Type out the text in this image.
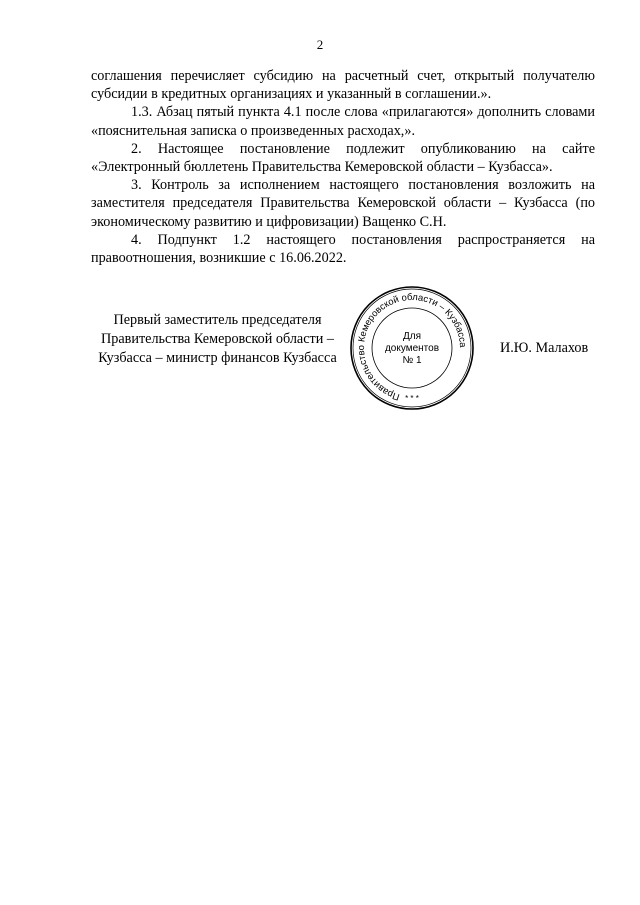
2

соглашения перечисляет субсидию на расчетный счет, открытый получателю субсидии в кредитных организациях и указанный в соглашении.».

1.3. Абзац пятый пункта 4.1 после слова «прилагаются» дополнить словами «пояснительная записка о произведенных расходах,».

2. Настоящее постановление подлежит опубликованию на сайте «Электронный бюллетень Правительства Кемеровской области – Кузбасса».

3. Контроль за исполнением настоящего постановления возложить на заместителя председателя Правительства Кемеровской области – Кузбасса (по экономическому развитию и цифровизации) Ващенко С.Н.

4. Подпункт 1.2 настоящего постановления распространяется на правоотношения, возникшие с 16.06.2022.

Первый заместитель председателя
Правительства Кемеровской области –
Кузбасса – министр финансов Кузбасса
Правительство Кемеровской области – Кузбасса
Для
документов
№ 1
* * *
И.Ю. Малахов
